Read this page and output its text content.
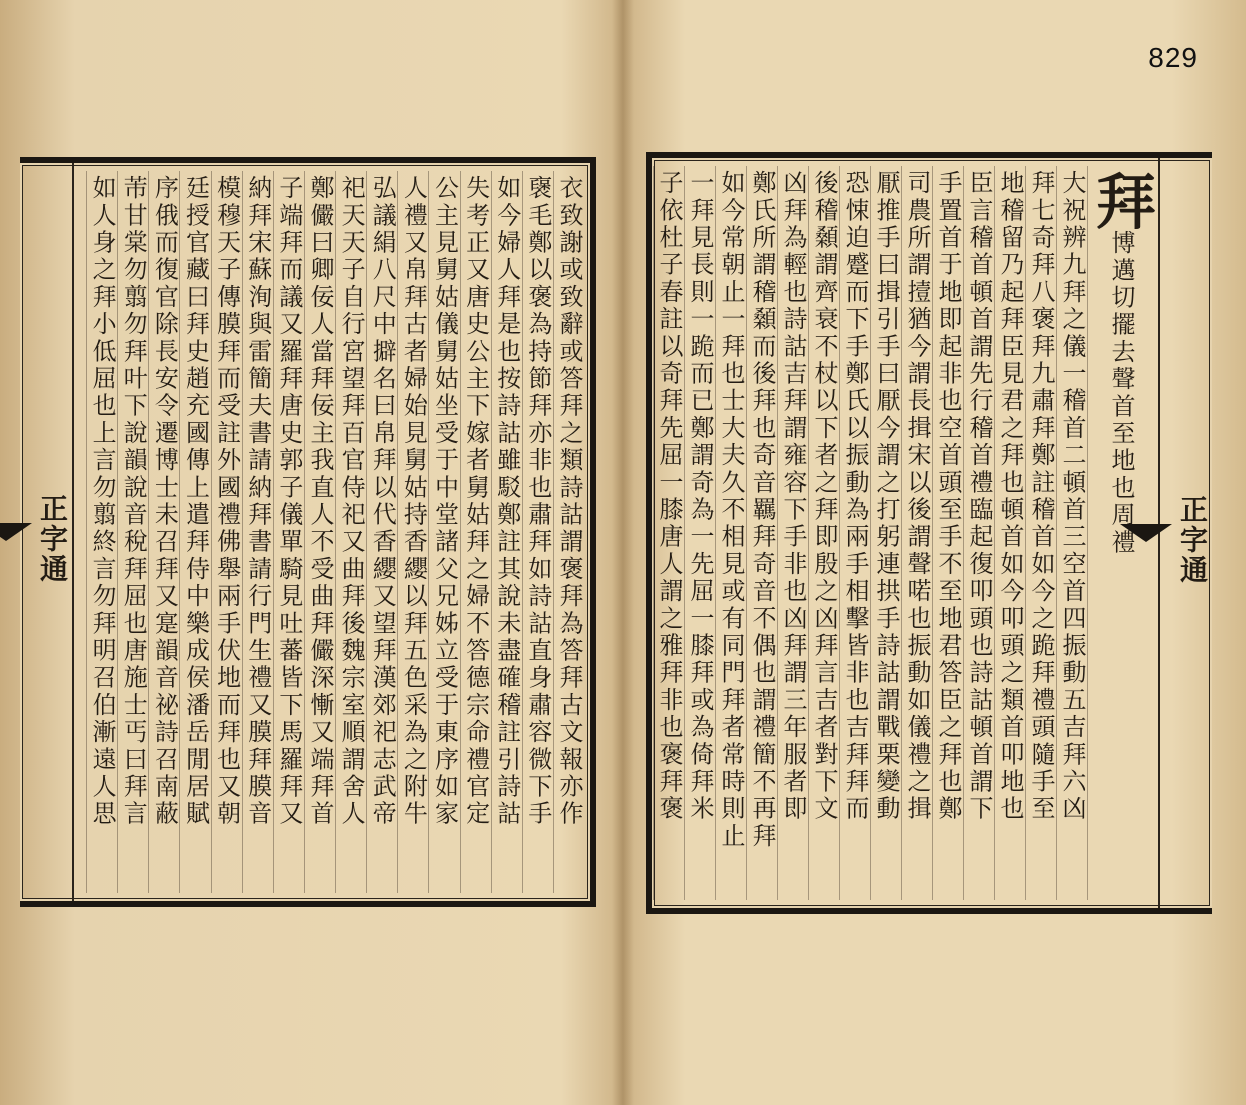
829
正字通	衣致謝或致辭或答拜之類詩詁謂褒拜為答拜古文報亦作
襃毛鄭以褒為持節拜亦非也肅拜如詩詁直身肅容微下手
如今婦人拜是也按詩詁雖駁鄭註其說未盡確稽註引詩詁
失考正又唐史公主下嫁者舅姑拜之婦不答德宗命禮官定
公主見舅姑儀舅姑坐受于中堂諸父兄姊立受于東序如家
人禮又帛拜古者婦始見舅姑持香纓以拜五色采為之附牛
弘議絹八尺中擗名曰帛拜以代香纓又望拜漢郊祀志武帝
祀天天子自行宮望拜百官侍祀又曲拜後魏宗室順謂舍人
鄭儼曰卿佞人當拜佞主我直人不受曲拜儼深慚又端拜首
子端拜而議又羅拜唐史郭子儀單騎見吐蕃皆下馬羅拜又
納拜宋蘇洵與雷簡夫書請納拜書請行門生禮又膜拜膜音
模穆天子傳膜拜而受註外國禮佛舉兩手伏地而拜也又朝
廷授官藏曰拜史趙充國傳上遣拜侍中樂成侯潘岳閒居賦
序俄而復官除長安令遷博士未召拜又寔韻音祕詩召南蔽
芾甘棠勿翦勿拜叶下說韻說音稅拜屈也唐施士丐曰拜言
如人身之拜小低屈也上言勿翦終言勿拜明召伯漸遠人思	正字通
拜博邁切擺去聲首至地也周禮
大祝辨九拜之儀一稽首二頓首三空首四振動五吉拜六凶
拜七奇拜八褒拜九肅拜鄭註稽首如今之跪拜禮頭隨手至
地稽留乃起拜臣見君之拜也頓首如今叩頭之類首叩地也
臣言稽首頓首謂先行稽首禮臨起復叩頭也詩詁頓首謂下
手置首于地即起非也空首頭至手不至地君答臣之拜也鄭
司農所謂撎猶今謂長揖宋以後謂聲喏也振動如儀禮之揖
厭推手曰揖引手曰厭今謂之打躬連拱手詩詁謂戰栗變動
恐悚迫蹙而下手鄭氏以振動為兩手相擊皆非也吉拜拜而
後稽顙謂齊衰不杖以下者之拜即殷之凶拜言吉者對下文
凶拜為輕也詩詁吉拜謂雍容下手非也凶拜謂三年服者即
鄭氏所謂稽顙而後拜也奇音羈拜奇音不偶也謂禮簡不再拜
如今常朝止一拜也士大夫久不相見或有同門拜者常時則止
一拜見長則一跪而已鄭謂奇為一先屈一膝拜或為倚拜米
子依杜子春註以奇拜先屈一膝唐人謂之雅拜非也褒拜褒
